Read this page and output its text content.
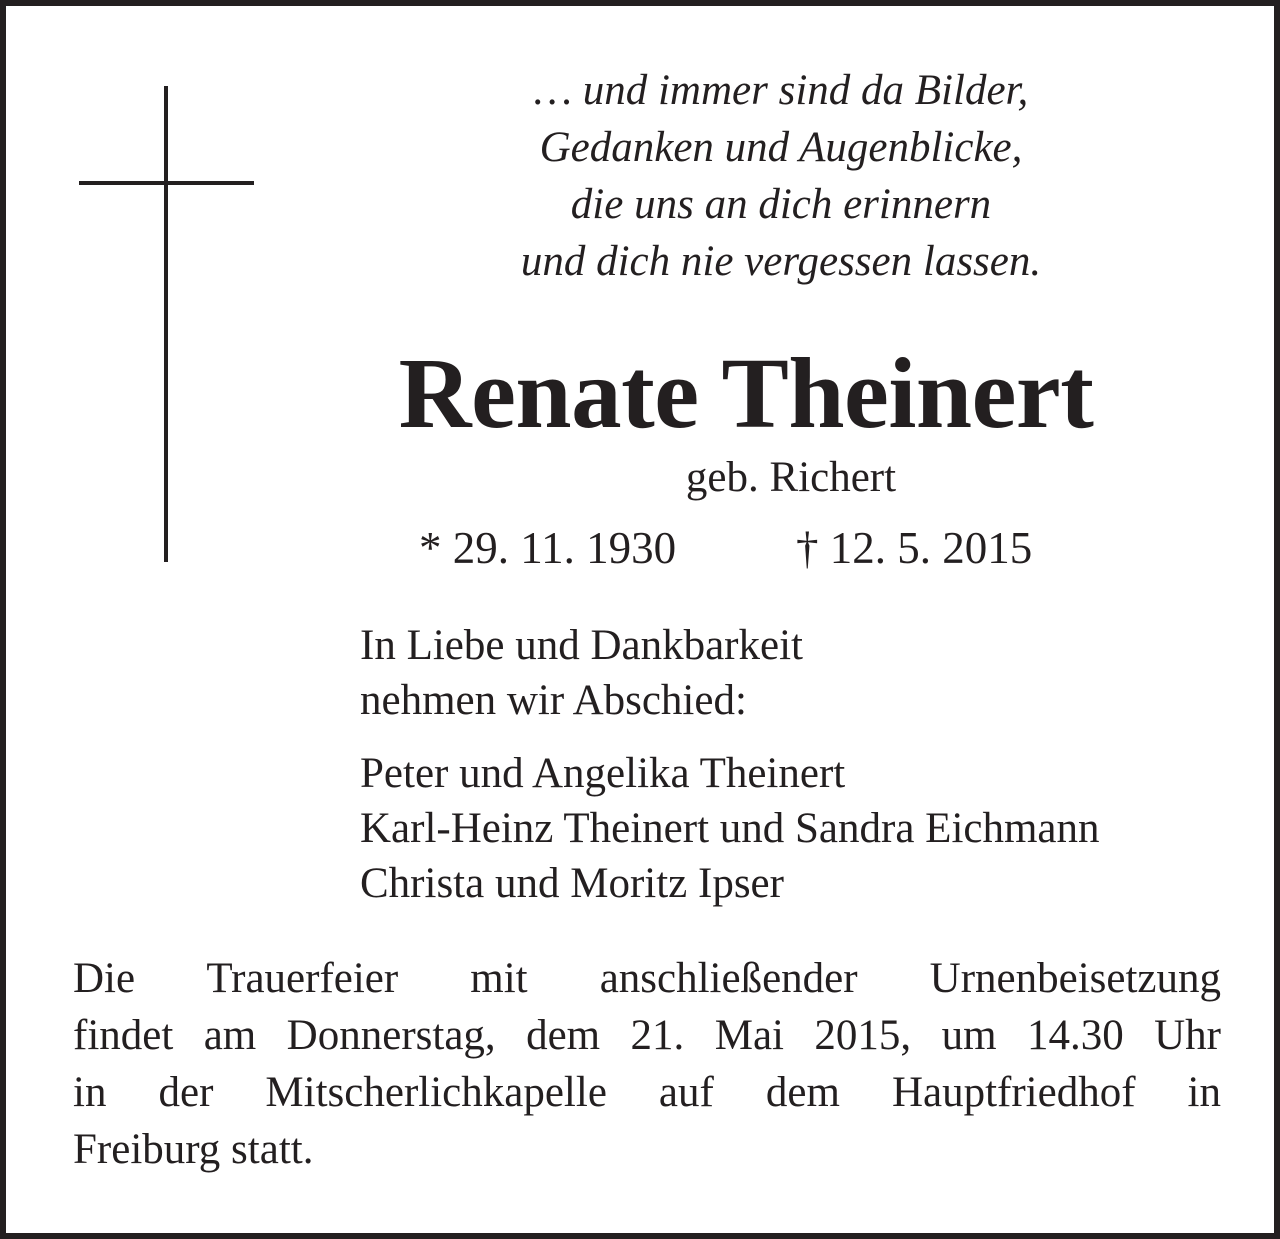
… und immer sind da Bilder,
Gedanken und Augenblicke,
die uns an dich erinnern
und dich nie vergessen lassen.
Renate Theinert
geb. Richert
* 29. 11. 1930	† 12. 5. 2015
In Liebe und Dankbarkeit
nehmen wir Abschied:
Peter und Angelika Theinert
Karl-Heinz Theinert und Sandra Eichmann
Christa und Moritz Ipser
Die Trauerfeier mit anschließender Urnenbeisetzung
findet am Donnerstag, dem 21. Mai 2015, um 14.30 Uhr
in der Mitscherlichkapelle auf dem Hauptfriedhof in
Freiburg statt.
